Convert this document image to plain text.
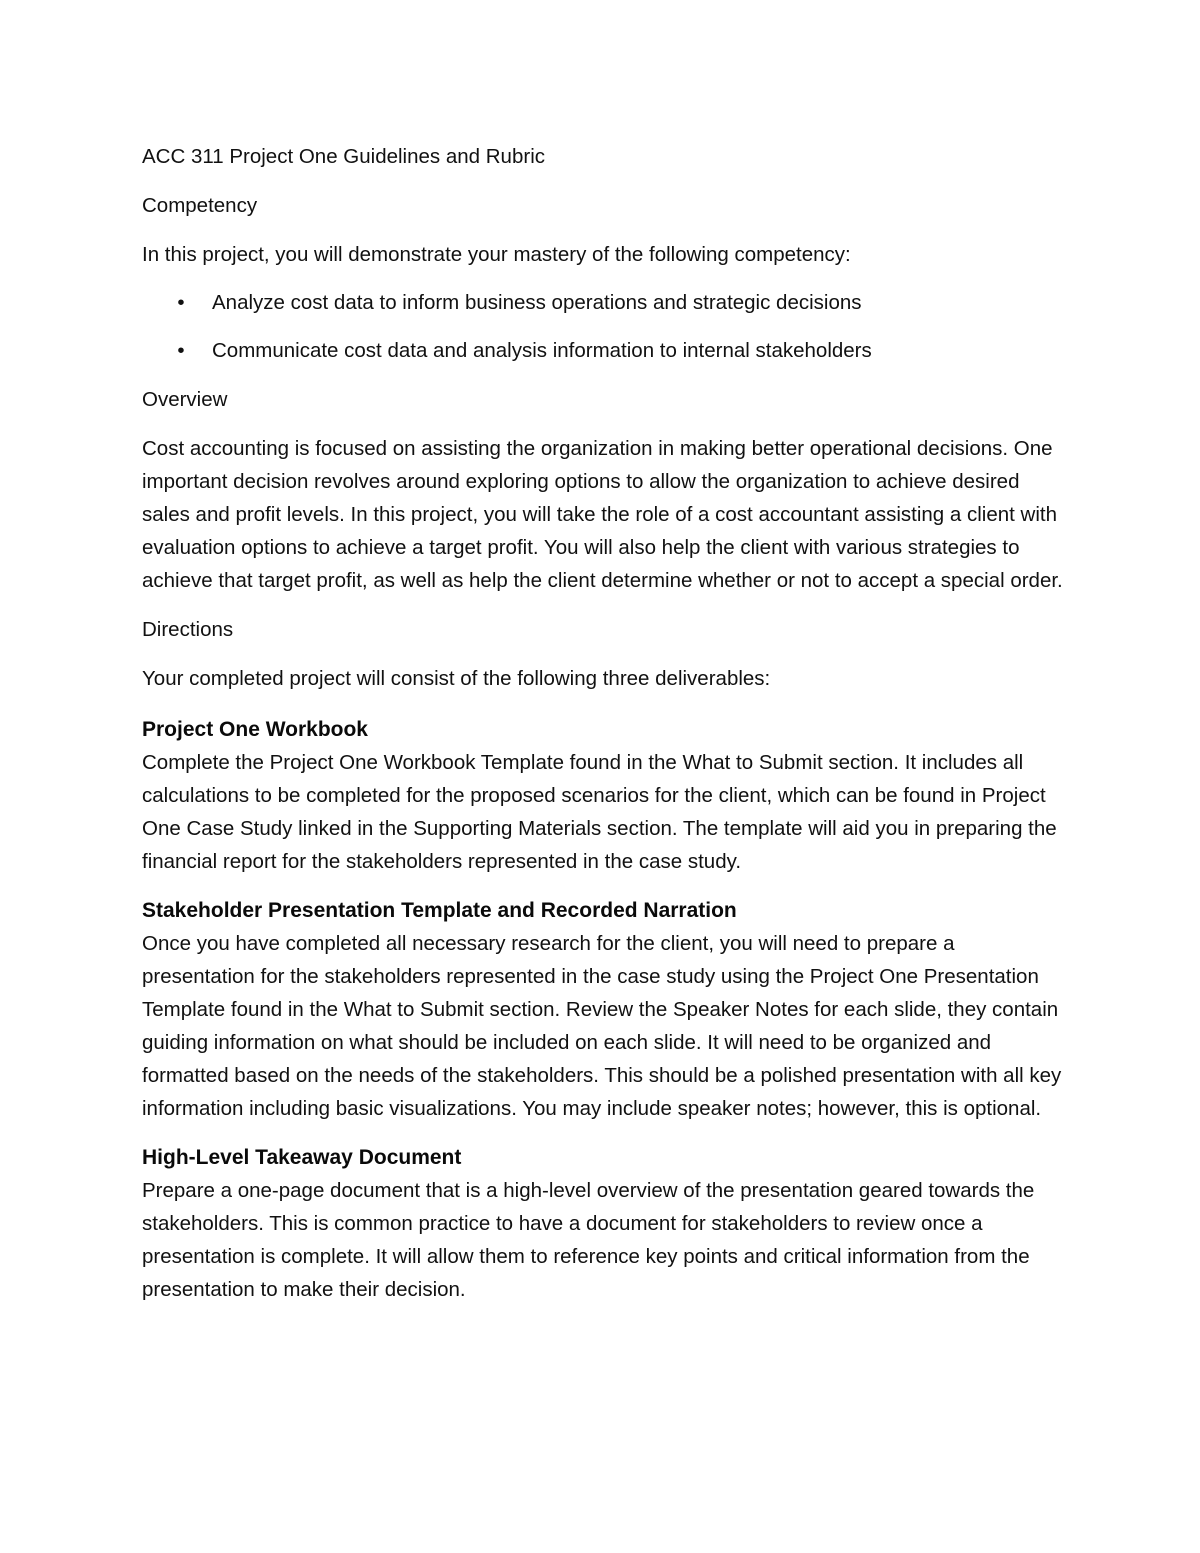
ACC 311 Project One Guidelines and Rubric

Competency

In this project, you will demonstrate your mastery of the following competency:

• Analyze cost data to inform business operations and strategic decisions
• Communicate cost data and analysis information to internal stakeholders

Overview

Cost accounting is focused on assisting the organization in making better operational decisions. One important decision revolves around exploring options to allow the organization to achieve desired sales and profit levels. In this project, you will take the role of a cost accountant assisting a client with evaluation options to achieve a target profit. You will also help the client with various strategies to achieve that target profit, as well as help the client determine whether or not to accept a special order.

Directions

Your completed project will consist of the following three deliverables:

Project One Workbook

Complete the Project One Workbook Template found in the What to Submit section. It includes all calculations to be completed for the proposed scenarios for the client, which can be found in Project One Case Study linked in the Supporting Materials section. The template will aid you in preparing the financial report for the stakeholders represented in the case study.

Stakeholder Presentation Template and Recorded Narration

Once you have completed all necessary research for the client, you will need to prepare a presentation for the stakeholders represented in the case study using the Project One Presentation Template found in the What to Submit section. Review the Speaker Notes for each slide, they contain guiding information on what should be included on each slide. It will need to be organized and formatted based on the needs of the stakeholders. This should be a polished presentation with all key information including basic visualizations. You may include speaker notes; however, this is optional.

High-Level Takeaway Document

Prepare a one-page document that is a high-level overview of the presentation geared towards the stakeholders. This is common practice to have a document for stakeholders to review once a presentation is complete. It will allow them to reference key points and critical information from the presentation to make their decision.
